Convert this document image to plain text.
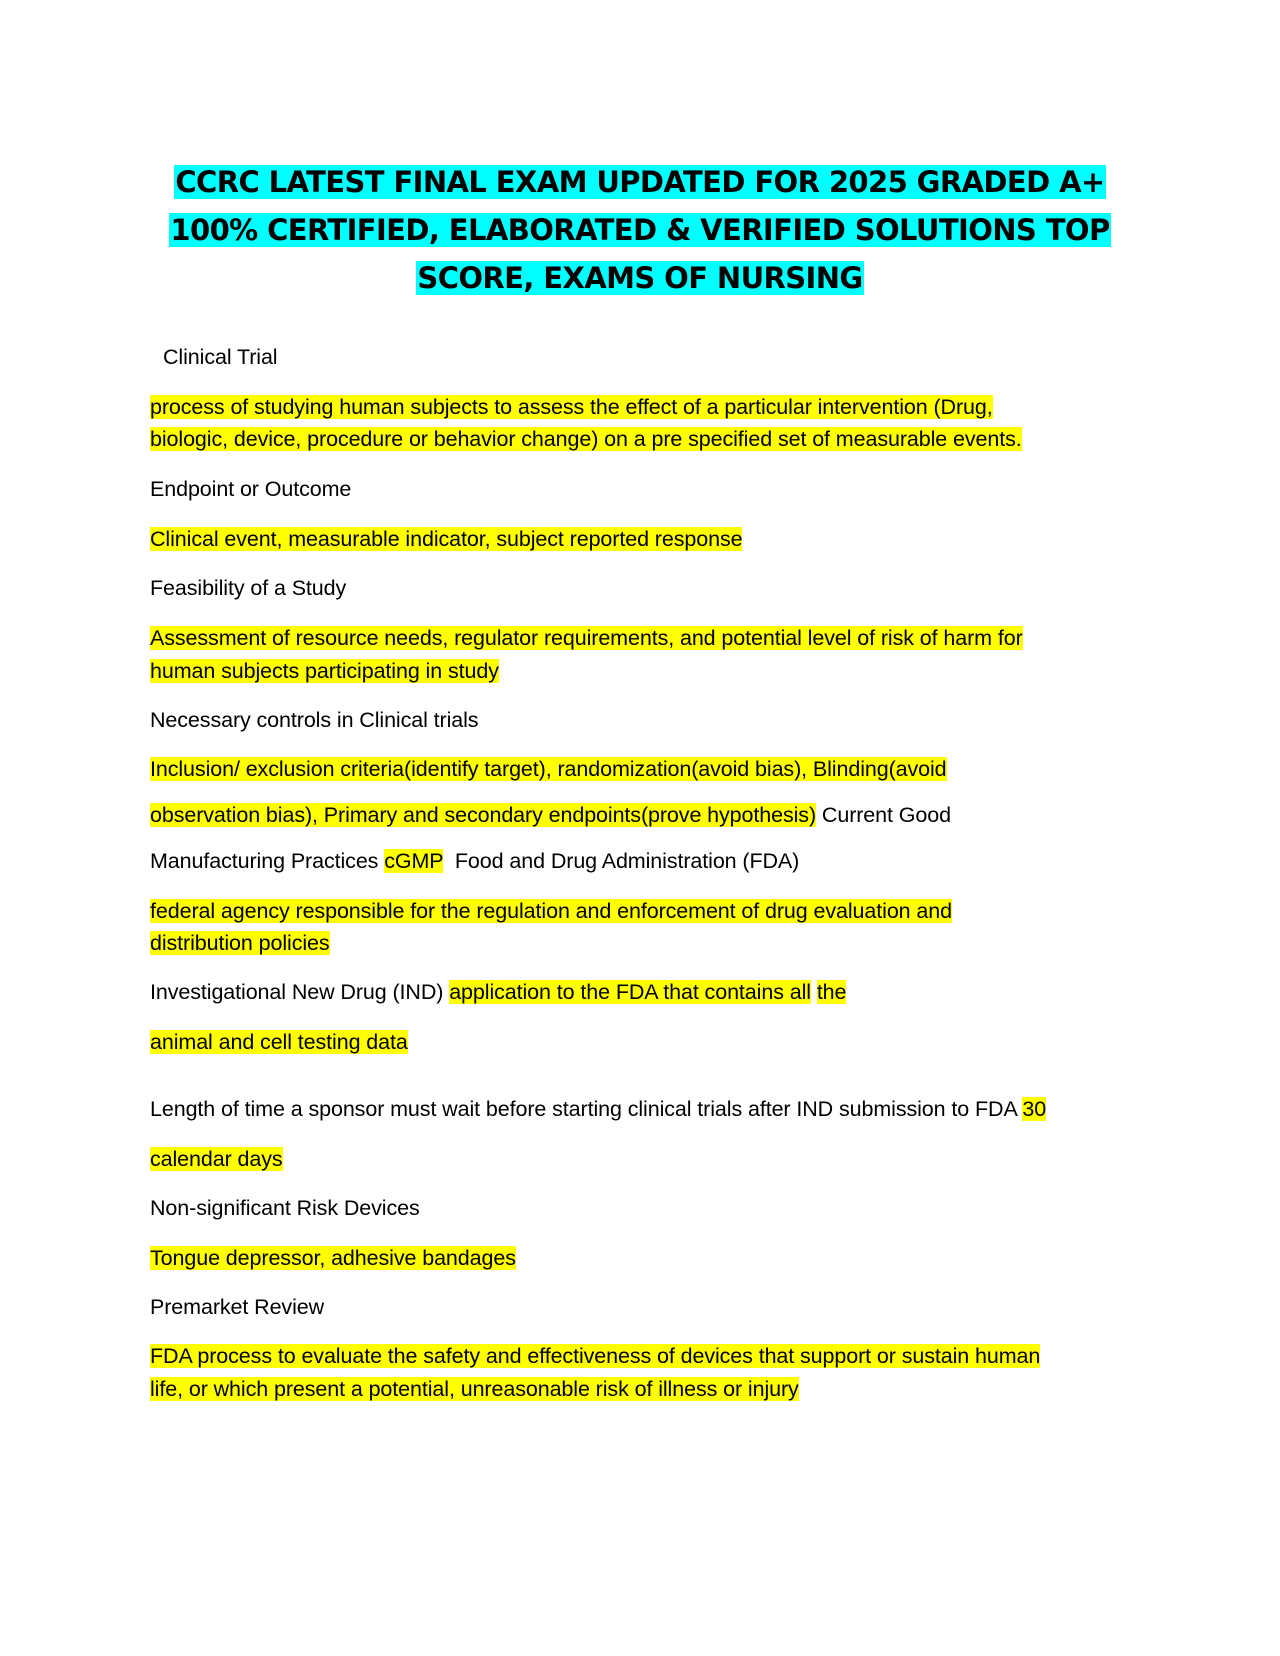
CCRC LATEST FINAL EXAM UPDATED FOR 2025 GRADED A+
100% CERTIFIED, ELABORATED & VERIFIED SOLUTIONS TOP
SCORE, EXAMS OF NURSING
Clinical Trial
process of studying human subjects to assess the effect of a particular intervention (Drug,
biologic, device, procedure or behavior change) on a pre specified set of measurable events.
Endpoint or Outcome
Clinical event, measurable indicator, subject reported response
Feasibility of a Study
Assessment of resource needs, regulator requirements, and potential level of risk of harm for
human subjects participating in study
Necessary controls in Clinical trials
Inclusion/ exclusion criteria(identify target), randomization(avoid bias), Blinding(avoid
observation bias), Primary and secondary endpoints(prove hypothesis) Current Good
Manufacturing Practices cGMP  Food and Drug Administration (FDA)
federal agency responsible for the regulation and enforcement of drug evaluation and
distribution policies
Investigational New Drug (IND) application to the FDA that contains all the
animal and cell testing data
Length of time a sponsor must wait before starting clinical trials after IND submission to FDA 30
calendar days
Non-significant Risk Devices
Tongue depressor, adhesive bandages
Premarket Review
FDA process to evaluate the safety and effectiveness of devices that support or sustain human
life, or which present a potential, unreasonable risk of illness or injury
